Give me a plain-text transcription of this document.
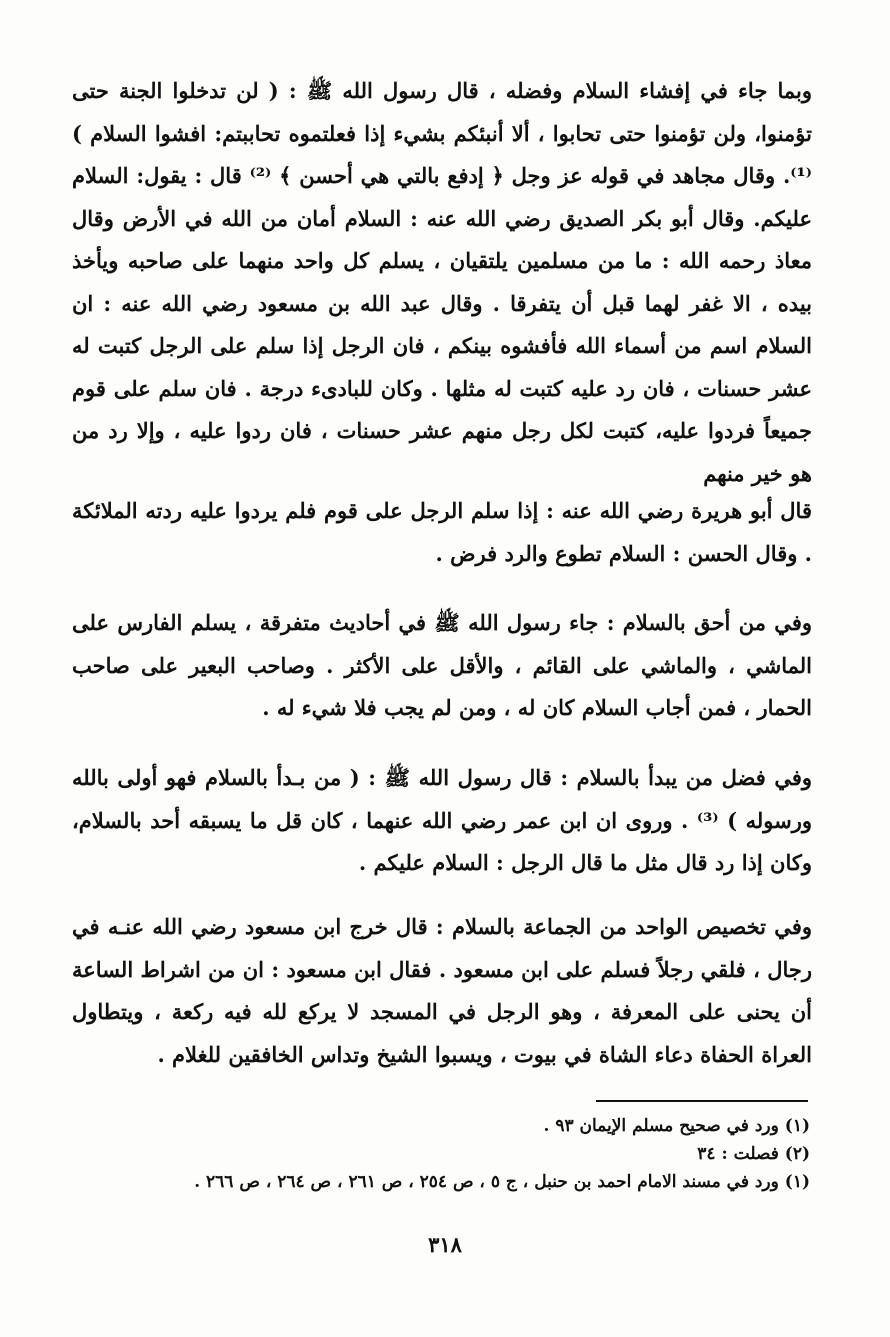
وبما جاء في إفشاء السلام وفضله ، قال رسول الله ﷺ : ( لن تدخلوا الجنة حتى تؤمنوا، ولن تؤمنوا حتى تحابوا ، ألا أنبئكم بشيء إذا فعلتموه تحاببتم: افشوا السلام )⁽¹⁾. وقال مجاهد في قوله عز وجل ﴿ إدفع بالتي هي أحسن ﴾ ⁽²⁾ قال : يقول: السلام عليكم. وقال أبو بكر الصديق رضي الله عنه : السلام أمان من الله في الأرض وقال معاذ رحمه الله : ما من مسلمين يلتقيان ، يسلم كل واحد منهما على صاحبه ويأخذ بيده ، الا غفر لهما قبل أن يتفرقا . وقال عبد الله بن مسعود رضي الله عنه : ان السلام اسم من أسماء الله فأفشوه بينكم ، فان الرجل إذا سلم على الرجل كتبت له عشر حسنات ، فان رد عليه كتبت له مثلها . وكان للبادىء درجة . فان سلم على قوم جميعاً فردوا عليه، كتبت لكل رجل منهم عشر حسنات ، فان ردوا عليه ، وإلا رد من هو خير منهم

قال أبو هريرة رضي الله عنه : إذا سلم الرجل على قوم فلم يردوا عليه ردته الملائكة . وقال الحسن : السلام تطوع والرد فرض .

وفي من أحق بالسلام : جاء رسول الله ﷺ في أحاديث متفرقة ، يسلم الفارس على الماشي ، والماشي على القائم ، والأقل على الأكثر . وصاحب البعير على صاحب الحمار ، فمن أجاب السلام كان له ، ومن لم يجب فلا شيء له .

وفي فضل من يبدأ بالسلام : قال رسول الله ﷺ : ( من بـدأ بالسلام فهو أولى بالله ورسوله ) ⁽³⁾ . وروى ان ابن عمر رضي الله عنهما ، كان قل ما يسبقه أحد بالسلام، وكان إذا رد قال مثل ما قال الرجل : السلام عليكم .

وفي تخصيص الواحد من الجماعة بالسلام : قال خرج ابن مسعود رضي الله عنـه في رجال ، فلقي رجلاً فسلم على ابن مسعود . فقال ابن مسعود : ان من اشراط الساعة أن يحنى على المعرفة ، وهو الرجل في المسجد لا يركع لله فيه ركعة ، ويتطاول العراة الحفاة دعاء الشاة في بيوت ، ويسبوا الشيخ وتداس الخافقين للغلام .

(١) ورد في صحيح مسلم الإيمان ٩٣ .
(٢) فصلت : ٣٤
(١) ورد في مسند الامام احمد بن حنبل ، ج ٥ ، ص ٢٥٤ ، ص ٢٦١ ، ص ٢٦٤ ، ص ٢٦٦ .
٣١٨
